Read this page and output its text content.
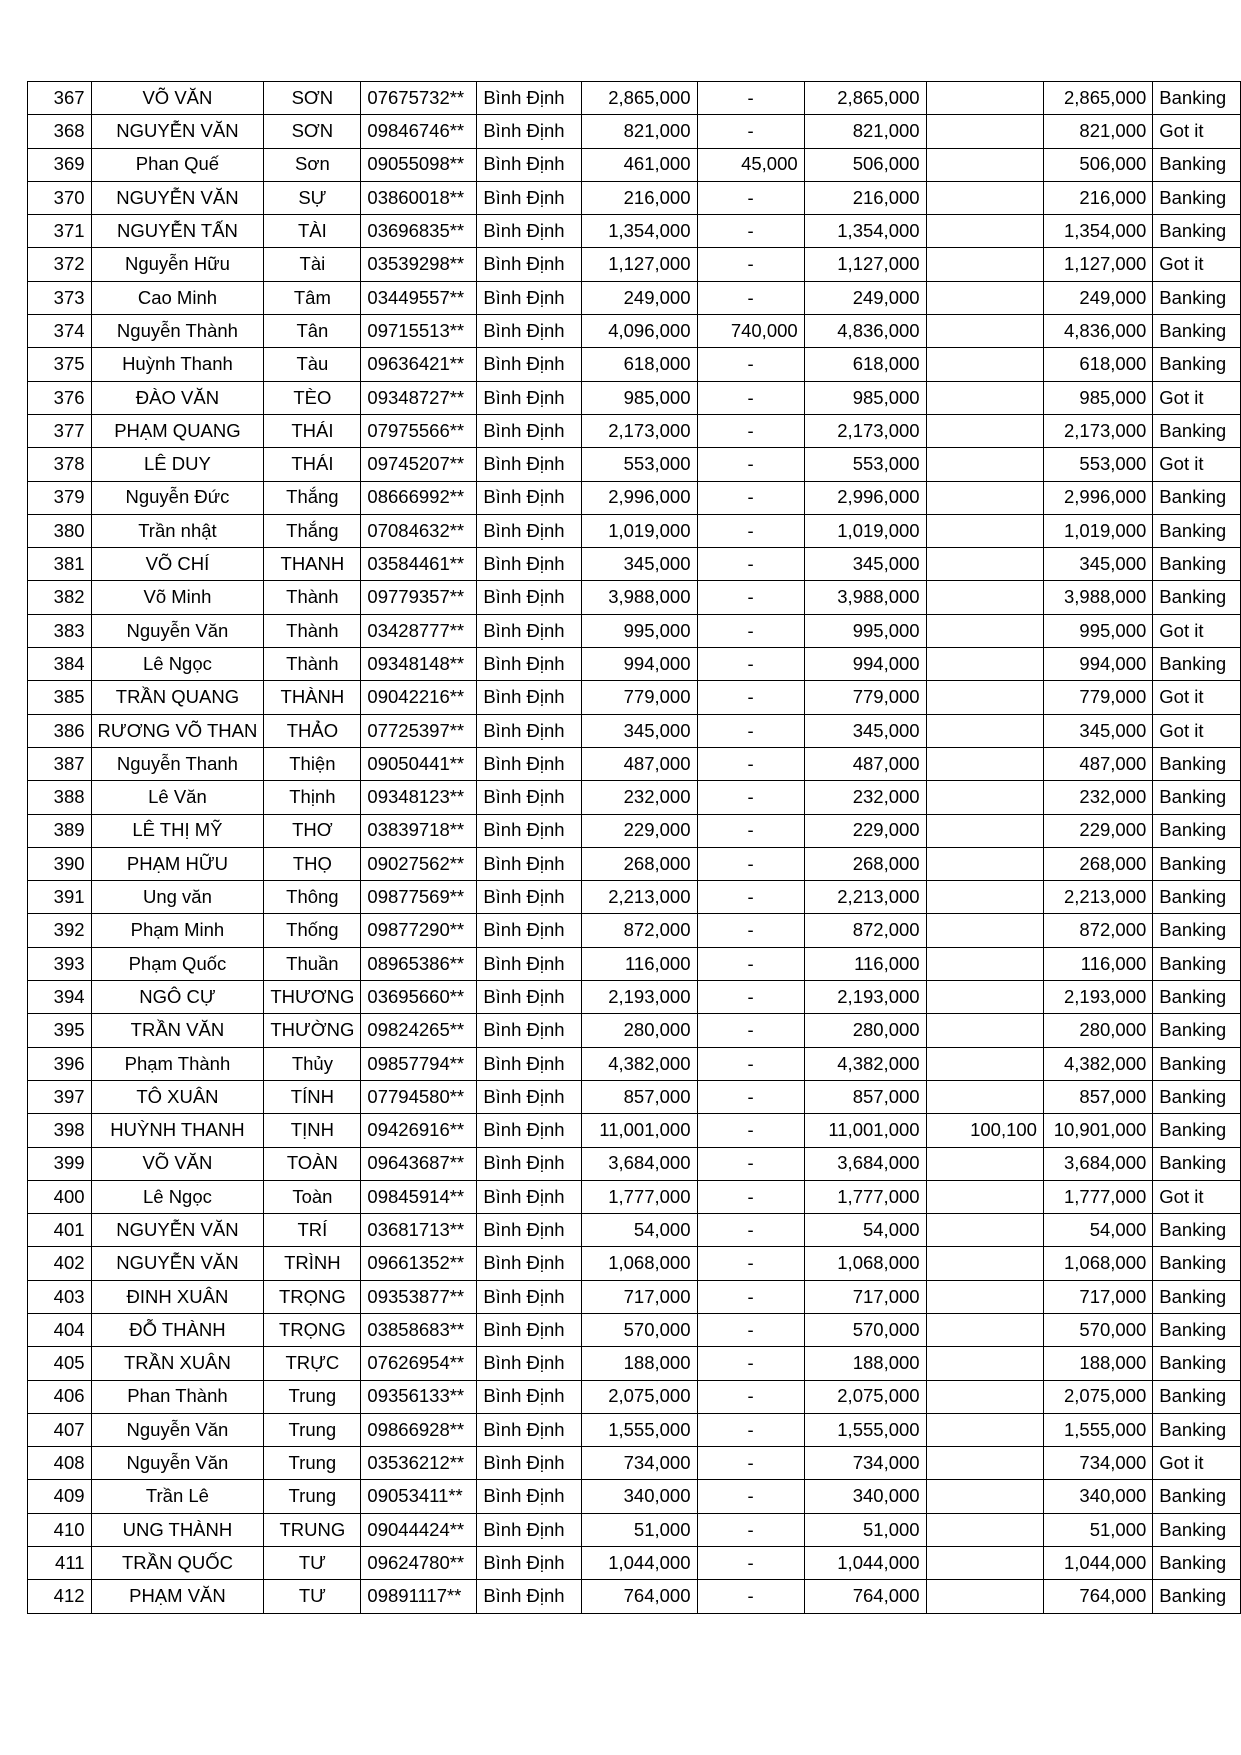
367	VÕ VĂN	SƠN	07675732**	Bình Định	2,865,000	-	2,865,000		2,865,000	Banking
368	NGUYỄN VĂN	SƠN	09846746**	Bình Định	821,000	-	821,000		821,000	Got it
369	Phan Quế	Sơn	09055098**	Bình Định	461,000	45,000	506,000		506,000	Banking
370	NGUYỄN VĂN	SỰ	03860018**	Bình Định	216,000	-	216,000		216,000	Banking
371	NGUYỄN TẤN	TÀI	03696835**	Bình Định	1,354,000	-	1,354,000		1,354,000	Banking
372	Nguyễn Hữu	Tài	03539298**	Bình Định	1,127,000	-	1,127,000		1,127,000	Got it
373	Cao Minh	Tâm	03449557**	Bình Định	249,000	-	249,000		249,000	Banking
374	Nguyễn Thành	Tân	09715513**	Bình Định	4,096,000	740,000	4,836,000		4,836,000	Banking
375	Huỳnh Thanh	Tàu	09636421**	Bình Định	618,000	-	618,000		618,000	Banking
376	ĐÀO VĂN	TÈO	09348727**	Bình Định	985,000	-	985,000		985,000	Got it
377	PHẠM QUANG	THÁI	07975566**	Bình Định	2,173,000	-	2,173,000		2,173,000	Banking
378	LÊ DUY	THÁI	09745207**	Bình Định	553,000	-	553,000		553,000	Got it
379	Nguyễn Đức	Thắng	08666992**	Bình Định	2,996,000	-	2,996,000		2,996,000	Banking
380	Trần nhật	Thắng	07084632**	Bình Định	1,019,000	-	1,019,000		1,019,000	Banking
381	VÕ CHÍ	THANH	03584461**	Bình Định	345,000	-	345,000		345,000	Banking
382	Võ Minh	Thành	09779357**	Bình Định	3,988,000	-	3,988,000		3,988,000	Banking
383	Nguyễn Văn	Thành	03428777**	Bình Định	995,000	-	995,000		995,000	Got it
384	Lê Ngọc	Thành	09348148**	Bình Định	994,000	-	994,000		994,000	Banking
385	TRẦN QUANG	THÀNH	09042216**	Bình Định	779,000	-	779,000		779,000	Got it
386	RƯƠNG VÕ THAN	THẢO	07725397**	Bình Định	345,000	-	345,000		345,000	Got it
387	Nguyễn Thanh	Thiện	09050441**	Bình Định	487,000	-	487,000		487,000	Banking
388	Lê Văn	Thịnh	09348123**	Bình Định	232,000	-	232,000		232,000	Banking
389	LÊ THỊ MỸ	THƠ	03839718**	Bình Định	229,000	-	229,000		229,000	Banking
390	PHẠM HỮU	THỌ	09027562**	Bình Định	268,000	-	268,000		268,000	Banking
391	Ung văn	Thông	09877569**	Bình Định	2,213,000	-	2,213,000		2,213,000	Banking
392	Phạm Minh	Thống	09877290**	Bình Định	872,000	-	872,000		872,000	Banking
393	Phạm Quốc	Thuần	08965386**	Bình Định	116,000	-	116,000		116,000	Banking
394	NGÔ CỰ	THƯƠNG	03695660**	Bình Định	2,193,000	-	2,193,000		2,193,000	Banking
395	TRẦN VĂN	THƯỜNG	09824265**	Bình Định	280,000	-	280,000		280,000	Banking
396	Phạm Thành	Thủy	09857794**	Bình Định	4,382,000	-	4,382,000		4,382,000	Banking
397	TÔ XUÂN	TÍNH	07794580**	Bình Định	857,000	-	857,000		857,000	Banking
398	HUỲNH THANH	TỊNH	09426916**	Bình Định	11,001,000	-	11,001,000	100,100	10,901,000	Banking
399	VÕ VĂN	TOÀN	09643687**	Bình Định	3,684,000	-	3,684,000		3,684,000	Banking
400	Lê Ngọc	Toàn	09845914**	Bình Định	1,777,000	-	1,777,000		1,777,000	Got it
401	NGUYỄN VĂN	TRÍ	03681713**	Bình Định	54,000	-	54,000		54,000	Banking
402	NGUYỄN VĂN	TRÌNH	09661352**	Bình Định	1,068,000	-	1,068,000		1,068,000	Banking
403	ĐINH XUÂN	TRỌNG	09353877**	Bình Định	717,000	-	717,000		717,000	Banking
404	ĐỖ THÀNH	TRỌNG	03858683**	Bình Định	570,000	-	570,000		570,000	Banking
405	TRẦN XUÂN	TRỰC	07626954**	Bình Định	188,000	-	188,000		188,000	Banking
406	Phan Thành	Trung	09356133**	Bình Định	2,075,000	-	2,075,000		2,075,000	Banking
407	Nguyễn Văn	Trung	09866928**	Bình Định	1,555,000	-	1,555,000		1,555,000	Banking
408	Nguyễn Văn	Trung	03536212**	Bình Định	734,000	-	734,000		734,000	Got it
409	Trần Lê	Trung	09053411**	Bình Định	340,000	-	340,000		340,000	Banking
410	UNG THÀNH	TRUNG	09044424**	Bình Định	51,000	-	51,000		51,000	Banking
411	TRẦN QUỐC	TƯ	09624780**	Bình Định	1,044,000	-	1,044,000		1,044,000	Banking
412	PHẠM VĂN	TƯ	09891117**	Bình Định	764,000	-	764,000		764,000	Banking
